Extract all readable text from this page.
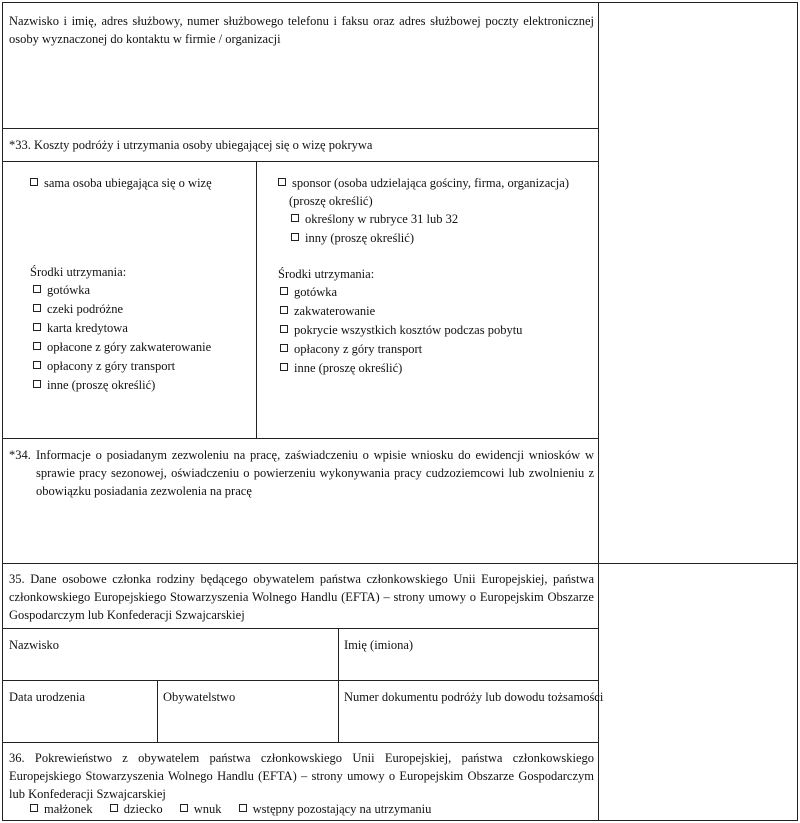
Nazwisko i imię, adres służbowy, numer służbowego telefonu i faksu oraz adres służbowej poczty elektronicznej osoby wyznaczonej do kontaktu w firmie / organizacji
*33. Koszty podróży i utrzymania osoby ubiegającej się o wizę pokrywa
sama osoba ubiegająca się o wizę
Środki utrzymania:
gotówka
czeki podróżne
karta kredytowa
opłacone z góry zakwaterowanie
opłacony z góry transport
inne (proszę określić)
sponsor (osoba udzielająca gościny, firma, organizacja)
(proszę określić)
określony w rubryce 31 lub 32
inny (proszę określić)
Środki utrzymania:
gotówka
zakwaterowanie
pokrycie wszystkich kosztów podczas pobytu
opłacony z góry transport
inne (proszę określić)
*34. Informacje o posiadanym zezwoleniu na pracę, zaświadczeniu o wpisie wniosku do ewidencji wniosków w sprawie pracy sezonowej, oświadczeniu o powierzeniu wykonywania pracy cudzoziemcowi lub zwolnieniu z obowiązku posiadania zezwolenia na pracę
35. Dane osobowe członka rodziny będącego obywatelem państwa członkowskiego Unii Europejskiej, państwa członkowskiego Europejskiego Stowarzyszenia Wolnego Handlu (EFTA) – strony umowy o Europejskim Obszarze Gospodarczym lub Konfederacji Szwajcarskiej
Nazwisko	Imię (imiona)
Data urodzenia	Obywatelstwo	Numer dokumentu podróży lub dowodu tożsamości
36. Pokrewieństwo z obywatelem państwa członkowskiego Unii Europejskiej, państwa członkowskiego Europejskiego Stowarzyszenia Wolnego Handlu (EFTA) – strony umowy o Europejskim Obszarze Gospodarczym lub Konfederacji Szwajcarskiej
małżonek dziecko wnuk wstępny pozostający na utrzymaniu
